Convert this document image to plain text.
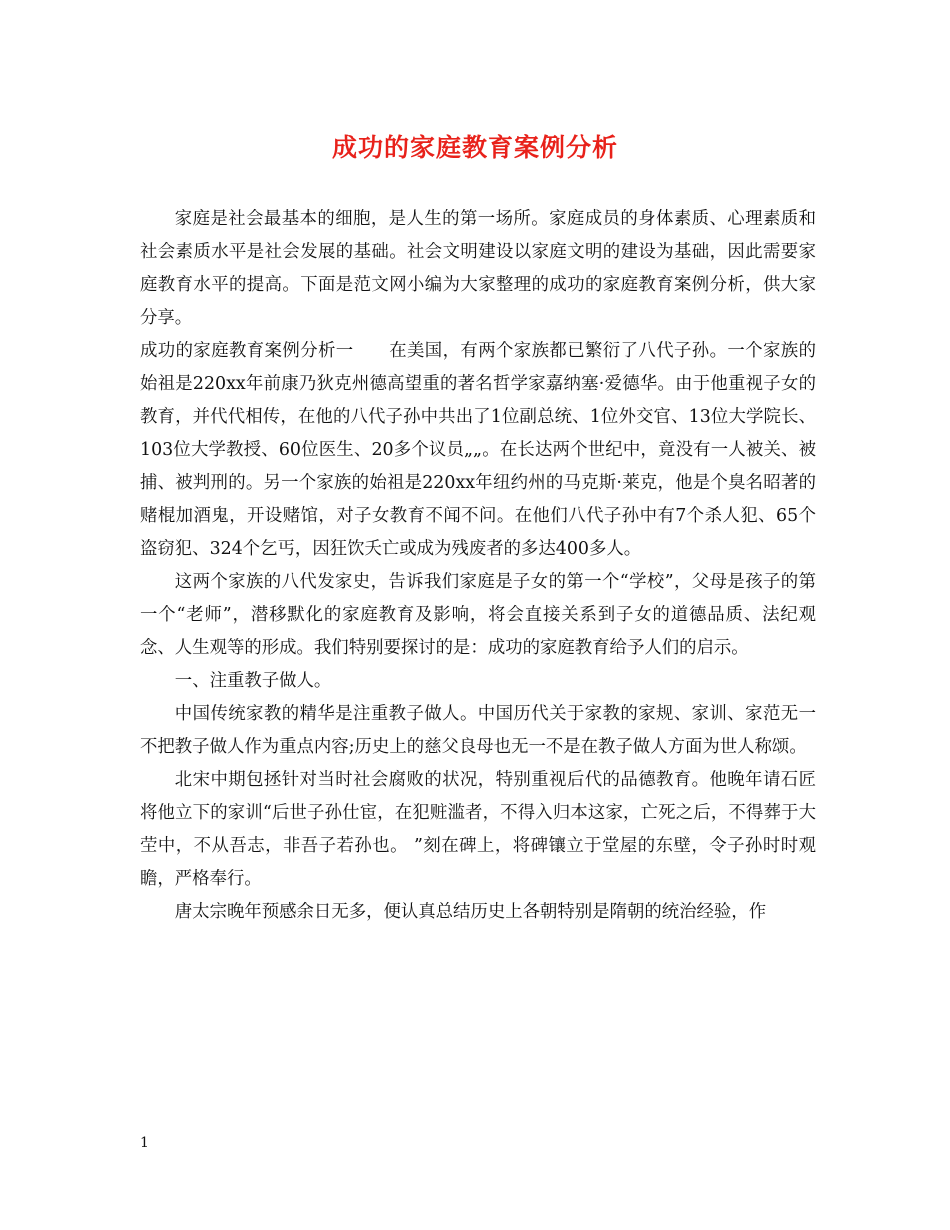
成功的家庭教育案例分析

家庭是社会最基本的细胞，是人生的第一场所。家庭成员的身体素质、心理素质和社会素质水平是社会发展的基础。社会文明建设以家庭文明的建设为基础，因此需要家庭教育水平的提高。下面是范文网小编为大家整理的成功的家庭教育案例分析，供大家分享。

成功的家庭教育案例分析一　　在美国，有两个家族都已繁衍了八代子孙。一个家族的始祖是220xx年前康乃狄克州德高望重的著名哲学家嘉纳塞·爱德华。由于他重视子女的教育，并代代相传，在他的八代子孙中共出了1位副总统、1位外交官、13位大学院长、103位大学教授、60位医生、20多个议员„„。在长达两个世纪中，竟没有一人被关、被捕、被判刑的。另一个家族的始祖是220xx年纽约州的马克斯·莱克，他是个臭名昭著的赌棍加酒鬼，开设赌馆，对子女教育不闻不问。在他们八代子孙中有7个杀人犯、65个盗窃犯、324个乞丐，因狂饮夭亡或成为残废者的多达400多人。

这两个家族的八代发家史，告诉我们家庭是子女的第一个“学校”，父母是孩子的第一个“老师”，潜移默化的家庭教育及影响，将会直接关系到子女的道德品质、法纪观念、人生观等的形成。我们特别要探讨的是：成功的家庭教育给予人们的启示。

一、注重教子做人。

中国传统家教的精华是注重教子做人。中国历代关于家教的家规、家训、家范无一不把教子做人作为重点内容;历史上的慈父良母也无一不是在教子做人方面为世人称颂。

北宋中期包拯针对当时社会腐败的状况，特别重视后代的品德教育。他晚年请石匠将他立下的家训“后世子孙仕宦，在犯赃滥者，不得入归本这家，亡死之后，不得葬于大茔中，不从吾志，非吾子若孙也。 ”刻在碑上，将碑镶立于堂屋的东壁，令子孙时时观瞻，严格奉行。

唐太宗晚年预感余日无多，便认真总结历史上各朝特别是隋朝的统治经验，作

1
